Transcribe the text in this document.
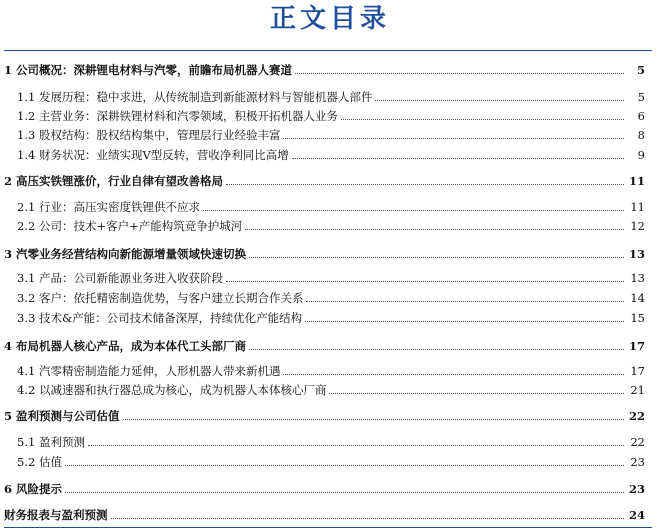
正文目录
1 公司概况：深耕锂电材料与汽零，前瞻布局机器人赛道	5
1.1 发展历程：稳中求进，从传统制造到新能源材料与智能机器人部件	5
1.2 主营业务：深耕铁锂材料和汽零领域，积极开拓机器人业务	6
1.3 股权结构：股权结构集中，管理层行业经验丰富	8
1.4 财务状况：业绩实现V型反转，营收净利同比高增	9
2 高压实铁锂涨价，行业自律有望改善格局	11
2.1 行业：高压实密度铁锂供不应求	11
2.2 公司：技术+客户+产能构筑竞争护城河	12
3 汽零业务经营结构向新能源增量领域快速切换	13
3.1 产品：公司新能源业务进入收获阶段	13
3.2 客户：依托精密制造优势，与客户建立长期合作关系	14
3.3 技术&产能：公司技术储备深厚，持续优化产能结构	15
4 布局机器人核心产品，成为本体代工头部厂商	17
4.1 汽零精密制造能力延伸，人形机器人带来新机遇	17
4.2 以减速器和执行器总成为核心，成为机器人本体核心厂商	21
5 盈利预测与公司估值	22
5.1 盈利预测	22
5.2 估值	23
6 风险提示	23
财务报表与盈利预测	24
